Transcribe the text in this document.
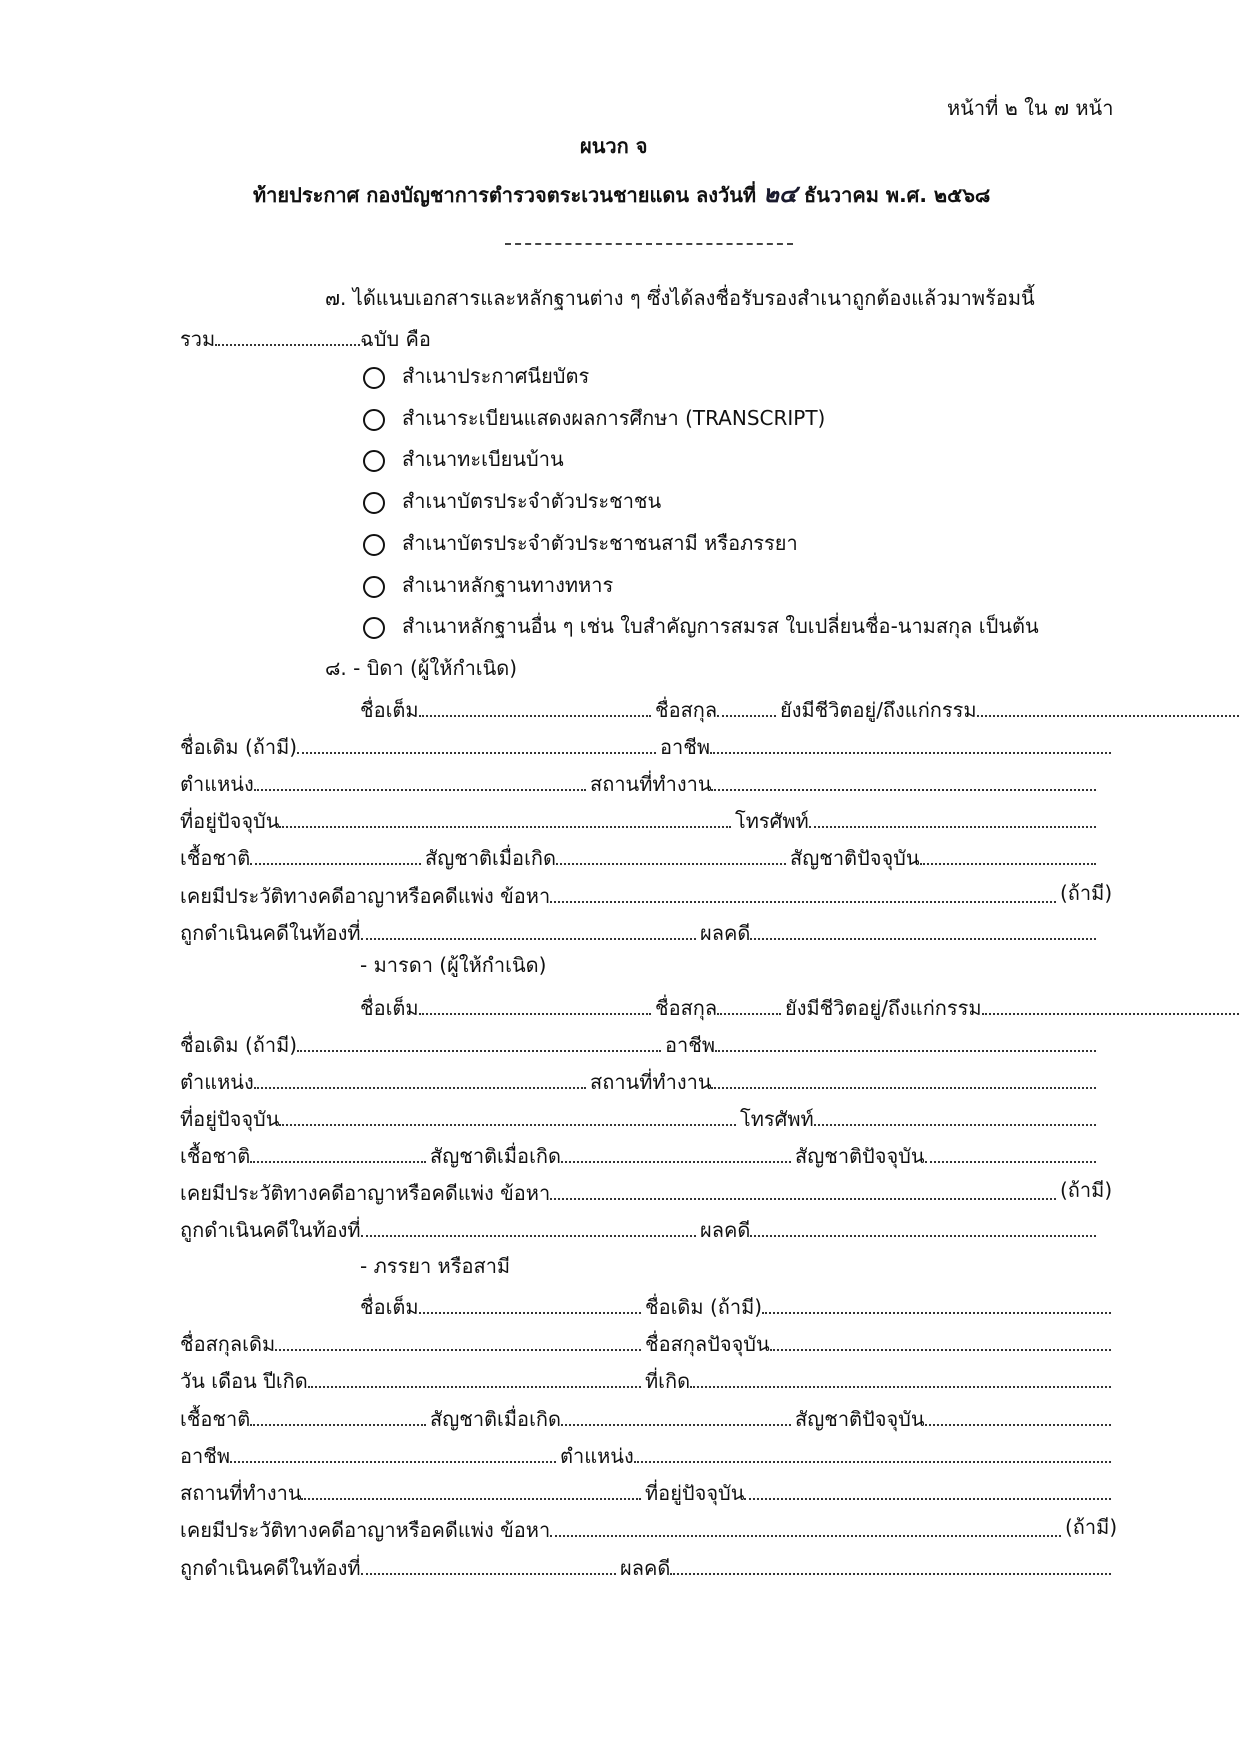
หน้าที่ ๒ ใน ๗ หน้า
ผนวก จ
ท้ายประกาศ กองบัญชาการตำรวจตระเวนชายแดน ลงวันที่ ๒๔ ธันวาคม พ.ศ. ๒๕๖๘
๗. ได้แนบเอกสารและหลักฐานต่าง ๆ ซึ่งได้ลงชื่อรับรองสำเนาถูกต้องแล้วมาพร้อมนี้
รวม	ฉบับ คือ
สำเนาประกาศนียบัตร
สำเนาระเบียนแสดงผลการศึกษา (TRANSCRIPT)
สำเนาทะเบียนบ้าน
สำเนาบัตรประจำตัวประชาชน
สำเนาบัตรประจำตัวประชาชนสามี หรือภรรยา
สำเนาหลักฐานทางทหาร
สำเนาหลักฐานอื่น ๆ เช่น ใบสำคัญการสมรส ใบเปลี่ยนชื่อ-นามสกุล เป็นต้น
๘. - บิดา (ผู้ให้กำเนิด)
- มารดา (ผู้ให้กำเนิด)
- ภรรยา หรือสามี
ชื่อเต็ม	ชื่อสกุล	ยังมีชีวิตอยู่/ถึงแก่กรรม
ชื่อเดิม (ถ้ามี)	อาชีพ
ตำแหน่ง	สถานที่ทำงาน
ที่อยู่ปัจจุบัน	โทรศัพท์
เชื้อชาติ	สัญชาติเมื่อเกิด	สัญชาติปัจจุบัน
เคยมีประวัติทางคดีอาญาหรือคดีแพ่ง ข้อหา	(ถ้ามี)
ถูกดำเนินคดีในท้องที่	ผลคดี
ชื่อเต็ม	ชื่อสกุล	ยังมีชีวิตอยู่/ถึงแก่กรรม
ชื่อเดิม (ถ้ามี)	อาชีพ
ตำแหน่ง	สถานที่ทำงาน
ที่อยู่ปัจจุบัน	โทรศัพท์
เชื้อชาติ	สัญชาติเมื่อเกิด	สัญชาติปัจจุบัน
เคยมีประวัติทางคดีอาญาหรือคดีแพ่ง ข้อหา	(ถ้ามี)
ถูกดำเนินคดีในท้องที่	ผลคดี
ชื่อเต็ม	ชื่อเดิม (ถ้ามี)
ชื่อสกุลเดิม	ชื่อสกุลปัจจุบัน
วัน เดือน ปีเกิด	ที่เกิด
เชื้อชาติ	สัญชาติเมื่อเกิด	สัญชาติปัจจุบัน
อาชีพ	ตำแหน่ง
สถานที่ทำงาน	ที่อยู่ปัจจุบัน
เคยมีประวัติทางคดีอาญาหรือคดีแพ่ง ข้อหา	(ถ้ามี)
ถูกดำเนินคดีในท้องที่	ผลคดี
